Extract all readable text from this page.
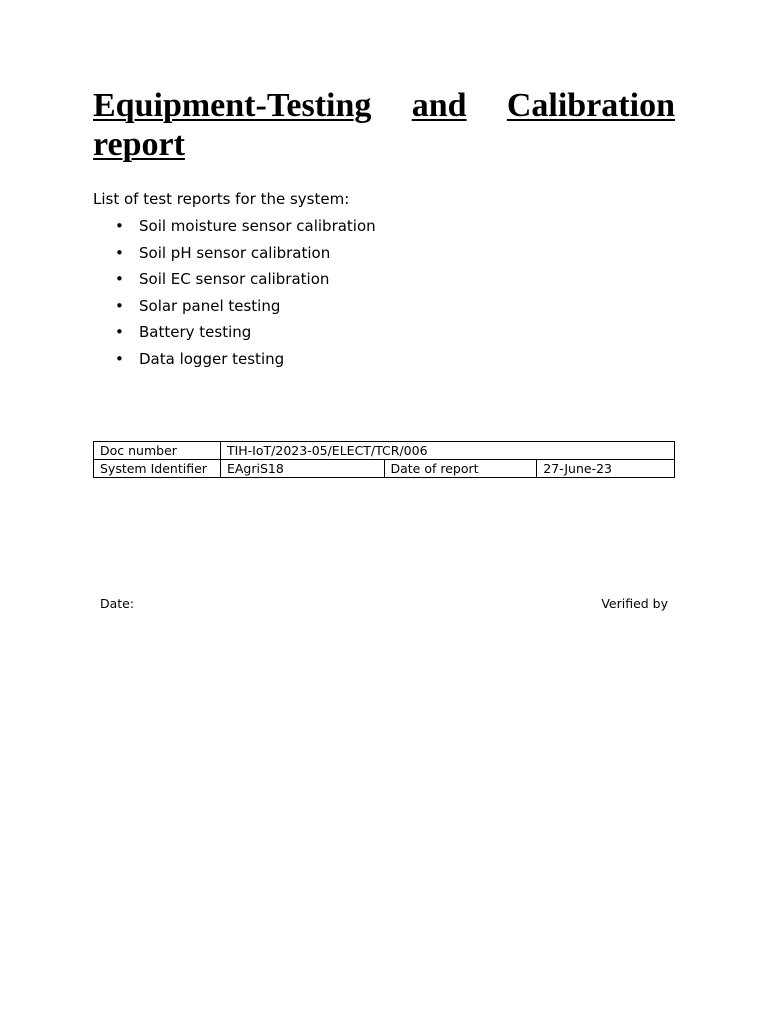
Equipment-Testing and Calibration
report

List of test reports for the system:

• Soil moisture sensor calibration
• Soil pH sensor calibration
• Soil EC sensor calibration
• Solar panel testing
• Battery testing
• Data logger testing
Doc number	TIH-IoT/2023-05/ELECT/TCR/006		
System Identifier	EAgriS18	Date of report	27-June-23
Date:	Verified by
